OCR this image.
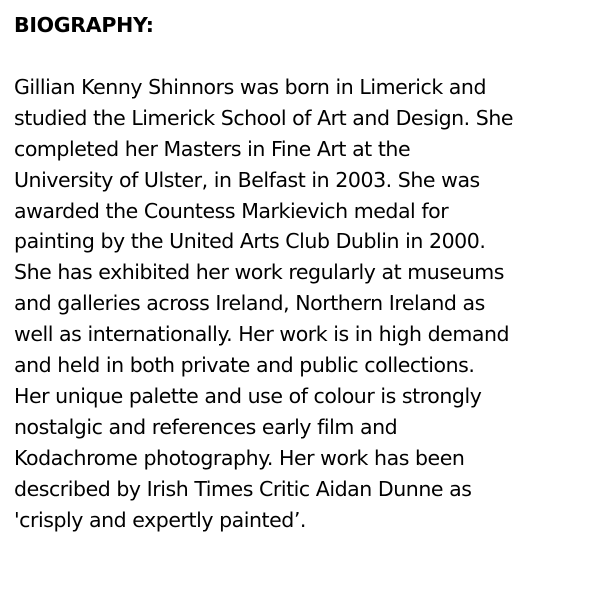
BIOGRAPHY:
Gillian Kenny Shinnors was born in Limerick and
studied the Limerick School of Art and Design. She
completed her Masters in Fine Art at the
University of Ulster, in Belfast in 2003. She was
awarded the Countess Markievich medal for
painting by the United Arts Club Dublin in 2000.
She has exhibited her work regularly at museums
and galleries across Ireland, Northern Ireland as
well as internationally. Her work is in high demand
and held in both private and public collections.
Her unique palette and use of colour is strongly
nostalgic and references early film and
Kodachrome photography. Her work has been
described by Irish Times Critic Aidan Dunne as
'crisply and expertly painted’.
